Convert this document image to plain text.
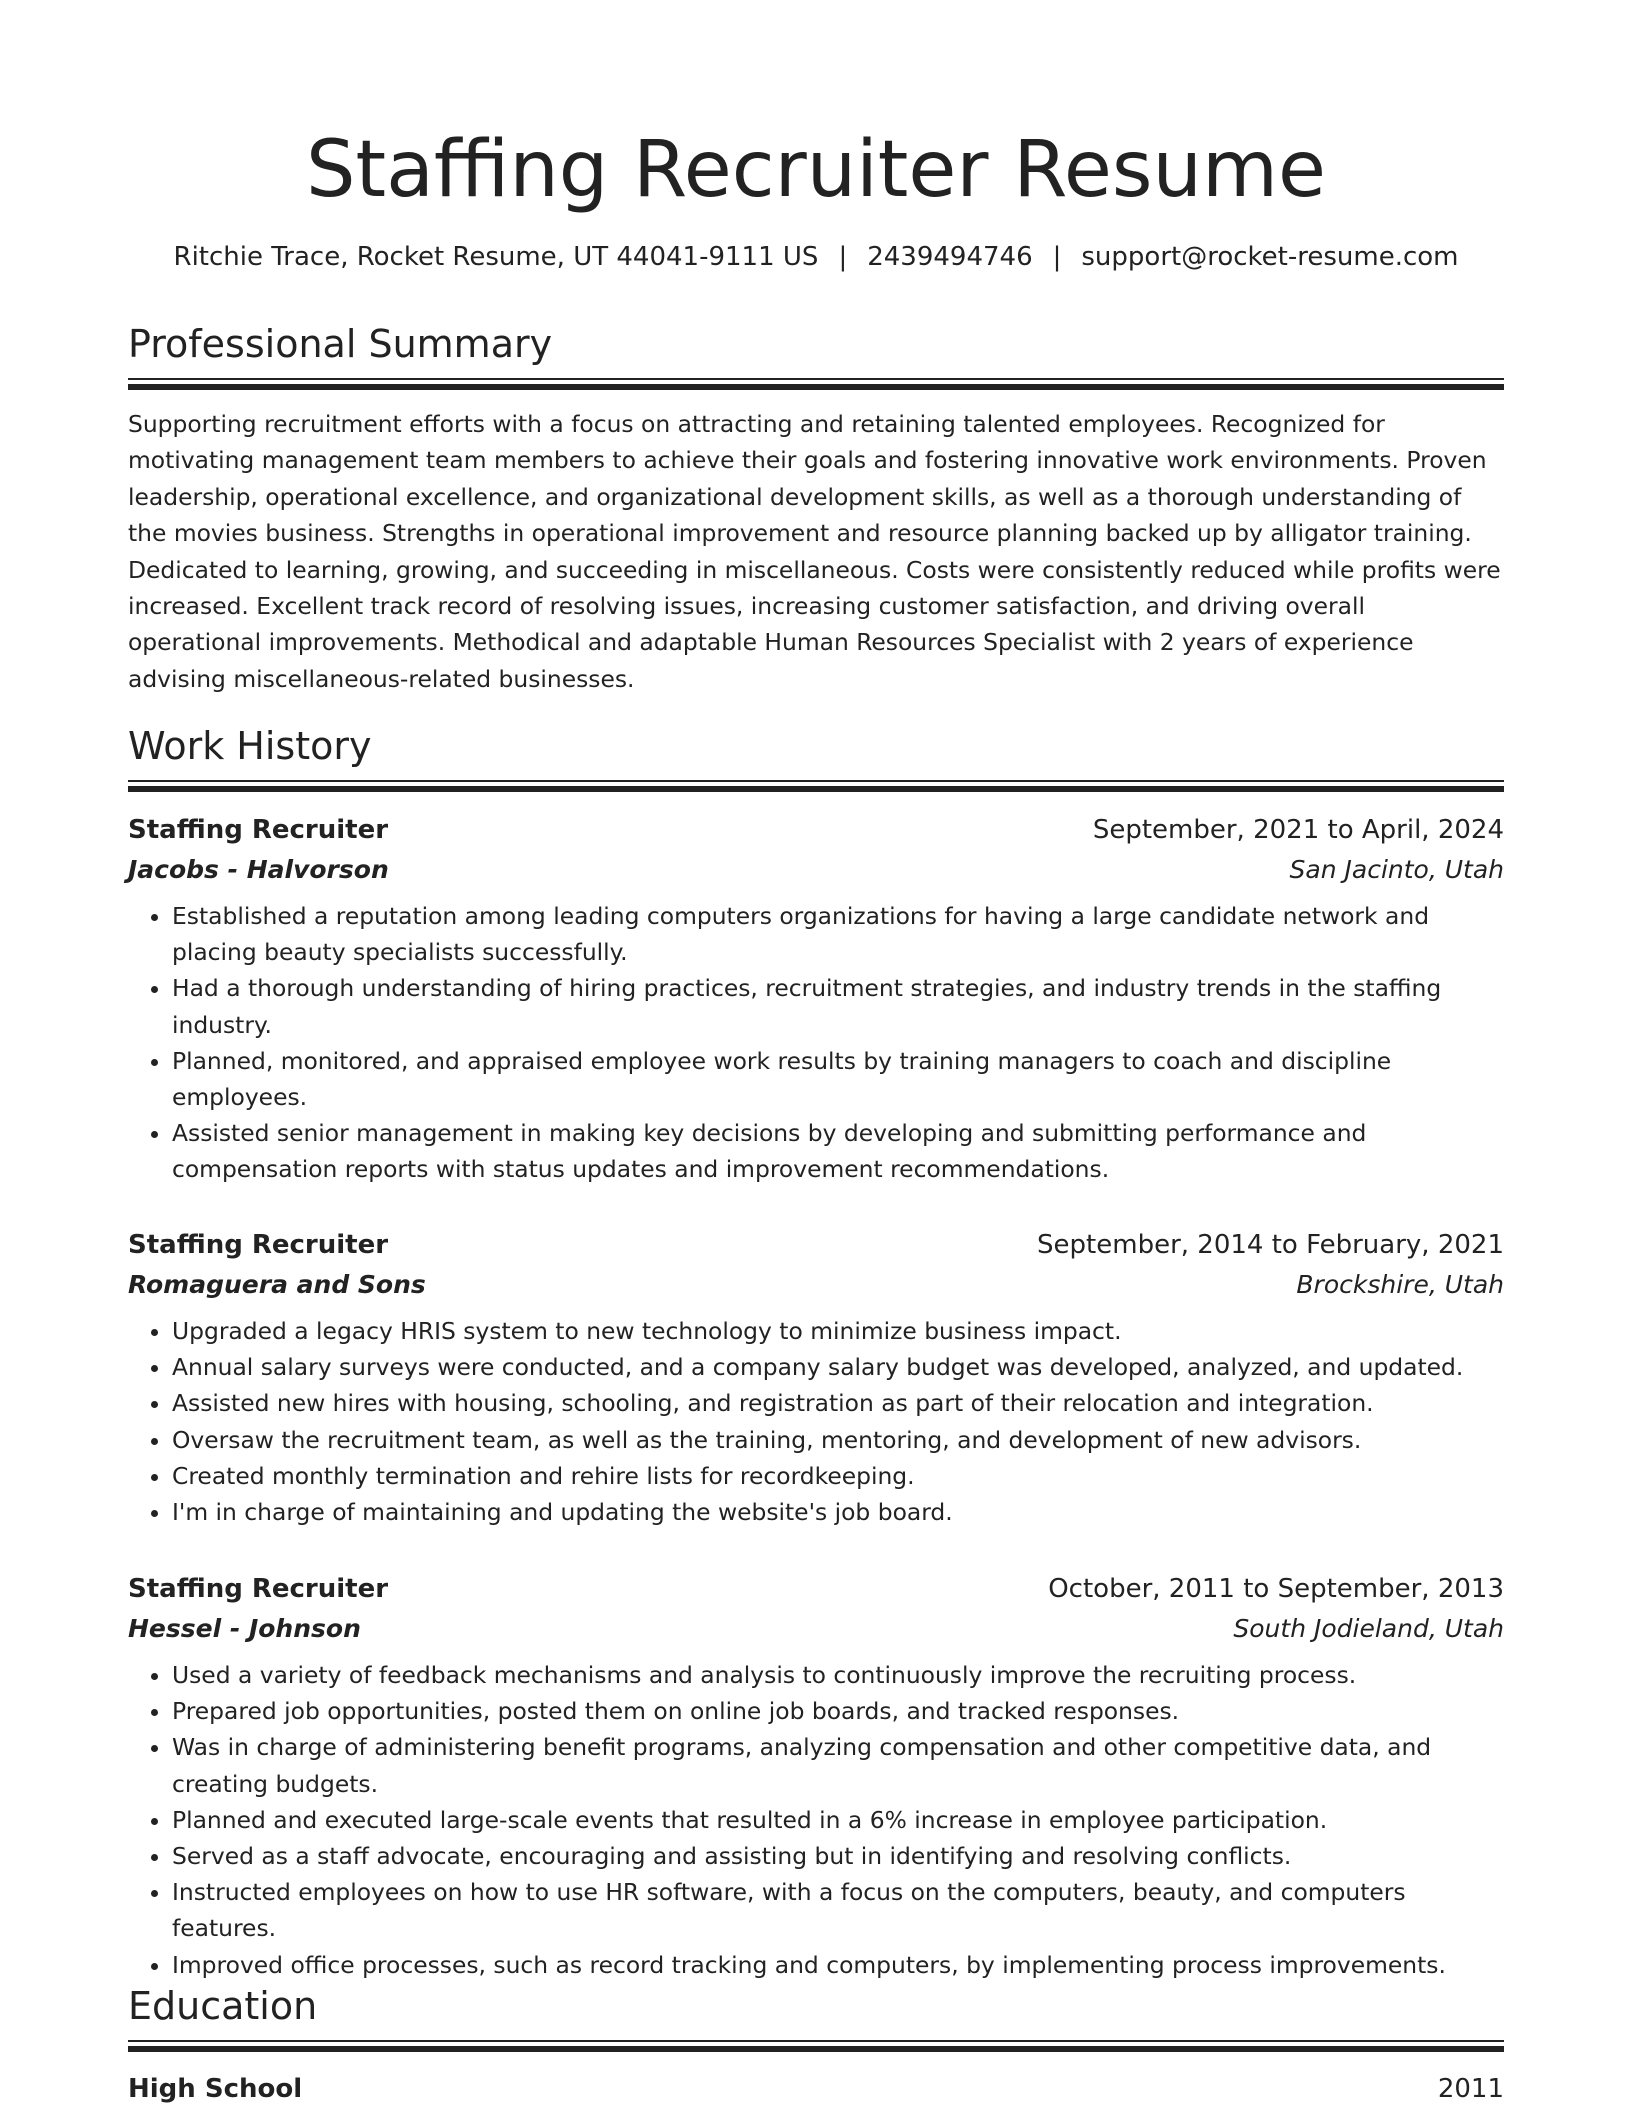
Staffing Recruiter Resume
Ritchie Trace, Rocket Resume, UT 44041-9111 US | 2439494746 | support@rocket-resume.com
Professional Summary

Supporting recruitment efforts with a focus on attracting and retaining talented employees. Recognized for motivating management team members to achieve their goals and fostering innovative work environments. Proven leadership, operational excellence, and organizational development skills, as well as a thorough understanding of the movies business. Strengths in operational improvement and resource planning backed up by alligator training. Dedicated to learning, growing, and succeeding in miscellaneous. Costs were consistently reduced while profits were increased. Excellent track record of resolving issues, increasing customer satisfaction, and driving overall operational improvements. Methodical and adaptable Human Resources Specialist with 2 years of experience advising miscellaneous-related businesses.

Work History
Staffing Recruiter	September, 2021 to April, 2024
Jacobs - Halvorson	San Jacinto, Utah
• Established a reputation among leading computers organizations for having a large candidate network and placing beauty specialists successfully.
• Had a thorough understanding of hiring practices, recruitment strategies, and industry trends in the staffing industry.
• Planned, monitored, and appraised employee work results by training managers to coach and discipline employees.
• Assisted senior management in making key decisions by developing and submitting performance and compensation reports with status updates and improvement recommendations.
Staffing Recruiter	September, 2014 to February, 2021
Romaguera and Sons	Brockshire, Utah
• Upgraded a legacy HRIS system to new technology to minimize business impact.
• Annual salary surveys were conducted, and a company salary budget was developed, analyzed, and updated.
• Assisted new hires with housing, schooling, and registration as part of their relocation and integration.
• Oversaw the recruitment team, as well as the training, mentoring, and development of new advisors.
• Created monthly termination and rehire lists for recordkeeping.
• I'm in charge of maintaining and updating the website's job board.
Staffing Recruiter	October, 2011 to September, 2013
Hessel - Johnson	South Jodieland, Utah
• Used a variety of feedback mechanisms and analysis to continuously improve the recruiting process.
• Prepared job opportunities, posted them on online job boards, and tracked responses.
• Was in charge of administering benefit programs, analyzing compensation and other competitive data, and creating budgets.
• Planned and executed large-scale events that resulted in a 6% increase in employee participation.
• Served as a staff advocate, encouraging and assisting but in identifying and resolving conflicts.
• Instructed employees on how to use HR software, with a focus on the computers, beauty, and computers features.
• Improved office processes, such as record tracking and computers, by implementing process improvements.
Education
High School	2011
